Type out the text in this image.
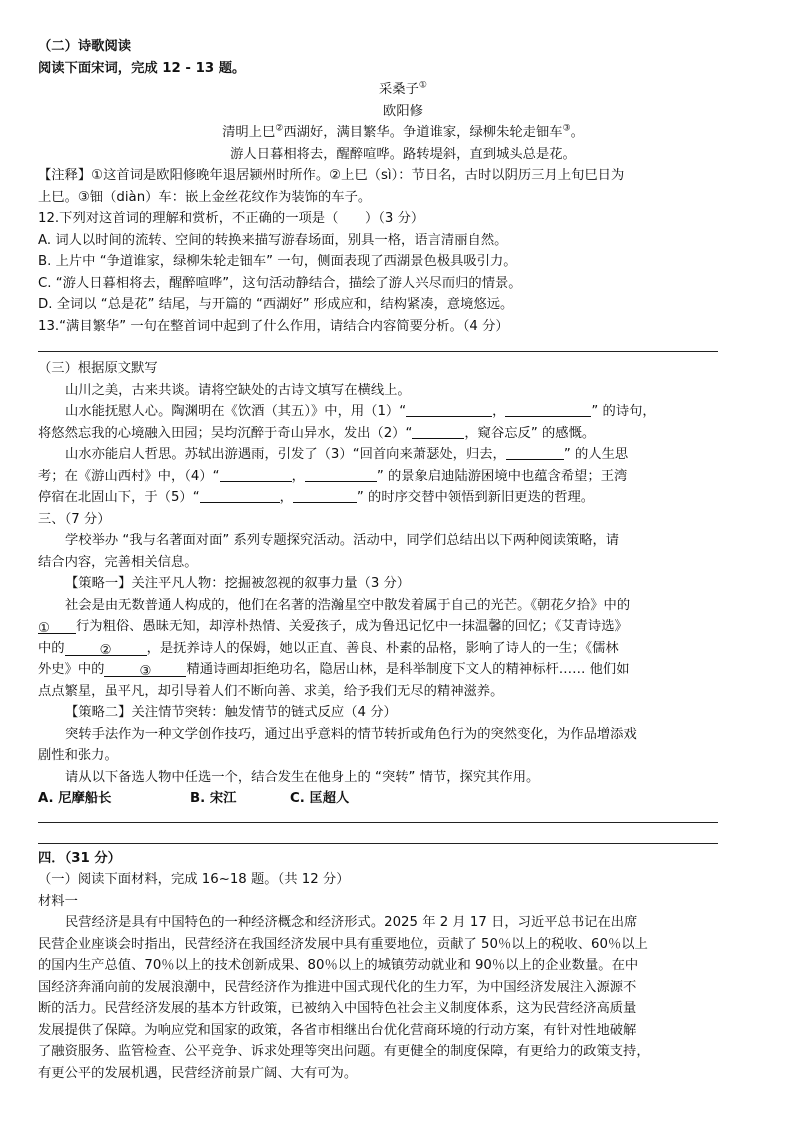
（二）诗歌阅读
阅读下面宋词，完成 12 - 13 题。
采桑子①
欧阳修
清明上巳②西湖好，满目繁华。争道谁家，绿柳朱轮走钿车③。
游人日暮相将去，醒醉喧哗。路转堤斜，直到城头总是花。
【注释】①这首词是欧阳修晚年退居颍州时所作。②上巳（sì）：节日名，古时以阴历三月上旬巳日为
上巳。③钿（diàn）车：嵌上金丝花纹作为装饰的车子。
12.下列对这首词的理解和赏析，不正确的一项是（　　）（3 分）
A. 词人以时间的流转、空间的转换来描写游春场面，别具一格，语言清丽自然。
B. 上片中 “争道谁家，绿柳朱轮走钿车” 一句，侧面表现了西湖景色极具吸引力。
C. “游人日暮相将去，醒醉喧哗”，这句活动静结合，描绘了游人兴尽而归的情景。
D. 全词以 “总是花” 结尾，与开篇的 “西湖好” 形成应和，结构紧凑，意境悠远。
13.“满目繁华” 一句在整首词中起到了什么作用，请结合内容简要分析。（4 分）
（三）根据原文默写
山川之美，古来共谈。请将空缺处的古诗文填写在横线上。
山水能抚慰人心。陶渊明在《饮酒（其五）》中，用（1）“	，	” 的诗句，
将悠然忘我的心境融入田园；吴均沉醉于奇山异水，发出（2）“	，窥谷忘反” 的感慨。
山水亦能启人哲思。苏轼出游遇雨，引发了（3）“回首向来萧瑟处，归去，	” 的人生思
考；在《游山西村》中，（4）“	，	” 的景象启迪陆游困境中也蕴含希望；王湾
停宿在北固山下，于（5）“	，	” 的时序交替中领悟到新旧更迭的哲理。
三、（7 分）
学校举办 “我与名著面对面” 系列专题探究活动。活动中，同学们总结出以下两种阅读策略，请
结合内容，完善相关信息。
【策略一】关注平凡人物：挖掘被忽视的叙事力量（3 分）
社会是由无数普通人构成的，他们在名著的浩瀚星空中散发着属于自己的光芒。《朝花夕拾》中的
① 行为粗俗、愚昧无知，却淳朴热情、关爱孩子，成为鲁迅记忆中一抹温馨的回忆；《艾青诗选》
中的	②	，是抚养诗人的保姆，她以正直、善良、朴素的品格，影响了诗人的一生；《儒林
外史》中的	③	精通诗画却拒绝功名，隐居山林，是科举制度下文人的精神标杆…… 他们如
点点繁星，虽平凡，却引导着人们不断向善、求美，给予我们无尽的精神滋养。
【策略二】关注情节突转：触发情节的链式反应（4 分）
突转手法作为一种文学创作技巧，通过出乎意料的情节转折或角色行为的突然变化，为作品增添戏
剧性和张力。
请从以下备选人物中任选一个，结合发生在他身上的 “突转” 情节，探究其作用。
A. 尼摩船长	B. 宋江	C. 匡超人
四．（31 分）
（一）阅读下面材料，完成 16~18 题。（共 12 分）
材料一
民营经济是具有中国特色的一种经济概念和经济形式。2025 年 2 月 17 日，习近平总书记在出席
民营企业座谈会时指出，民营经济在我国经济发展中具有重要地位，贡献了 50％以上的税收、60％以上
的国内生产总值、70％以上的技术创新成果、80％以上的城镇劳动就业和 90％以上的企业数量。在中
国经济奔涌向前的发展浪潮中，民营经济作为推进中国式现代化的生力军，为中国经济发展注入源源不
断的活力。民营经济发展的基本方针政策，已被纳入中国特色社会主义制度体系，这为民营经济高质量
发展提供了保障。为响应党和国家的政策，各省市相继出台优化营商环境的行动方案，有针对性地破解
了融资服务、监管检查、公平竞争、诉求处理等突出问题。有更健全的制度保障，有更给力的政策支持，
有更公平的发展机遇，民营经济前景广阔、大有可为。
